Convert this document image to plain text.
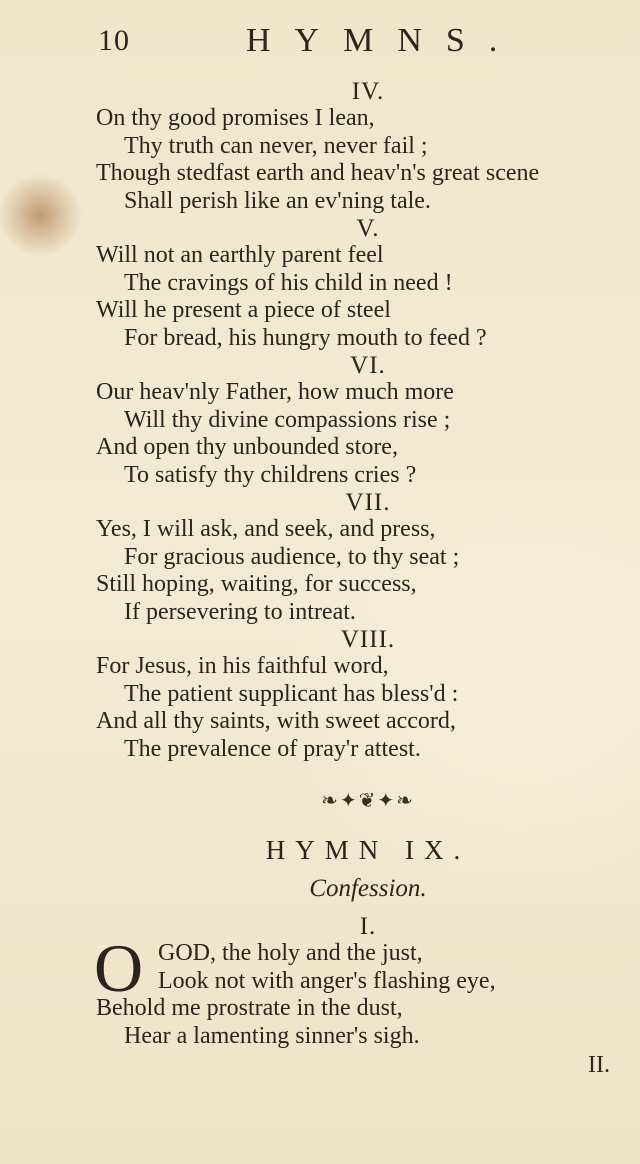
10	HYMNS.
IV.
On thy good promises I lean,
Thy truth can never, never fail ;
Though stedfast earth and heav'n's great scene
Shall perish like an ev'ning tale.
V.
Will not an earthly parent feel
The cravings of his child in need !
Will he present a piece of steel
For bread, his hungry mouth to feed ?
VI.
Our heav'nly Father, how much more
Will thy divine compassions rise ;
And open thy unbounded store,
To satisfy thy childrens cries ?
VII.
Yes, I will ask, and seek, and press,
For gracious audience, to thy seat ;
Still hoping, waiting, for success,
If persevering to intreat.
VIII.
For Jesus, in his faithful word,
The patient supplicant has bless'd :
And all thy saints, with sweet accord,
The prevalence of pray'r attest.
❧✦❦✦❧
HYMN IX.
Confession.
I.
O GOD, the holy and the just,
Look not with anger's flashing eye,
Behold me prostrate in the dust,
Hear a lamenting sinner's sigh.
II.
